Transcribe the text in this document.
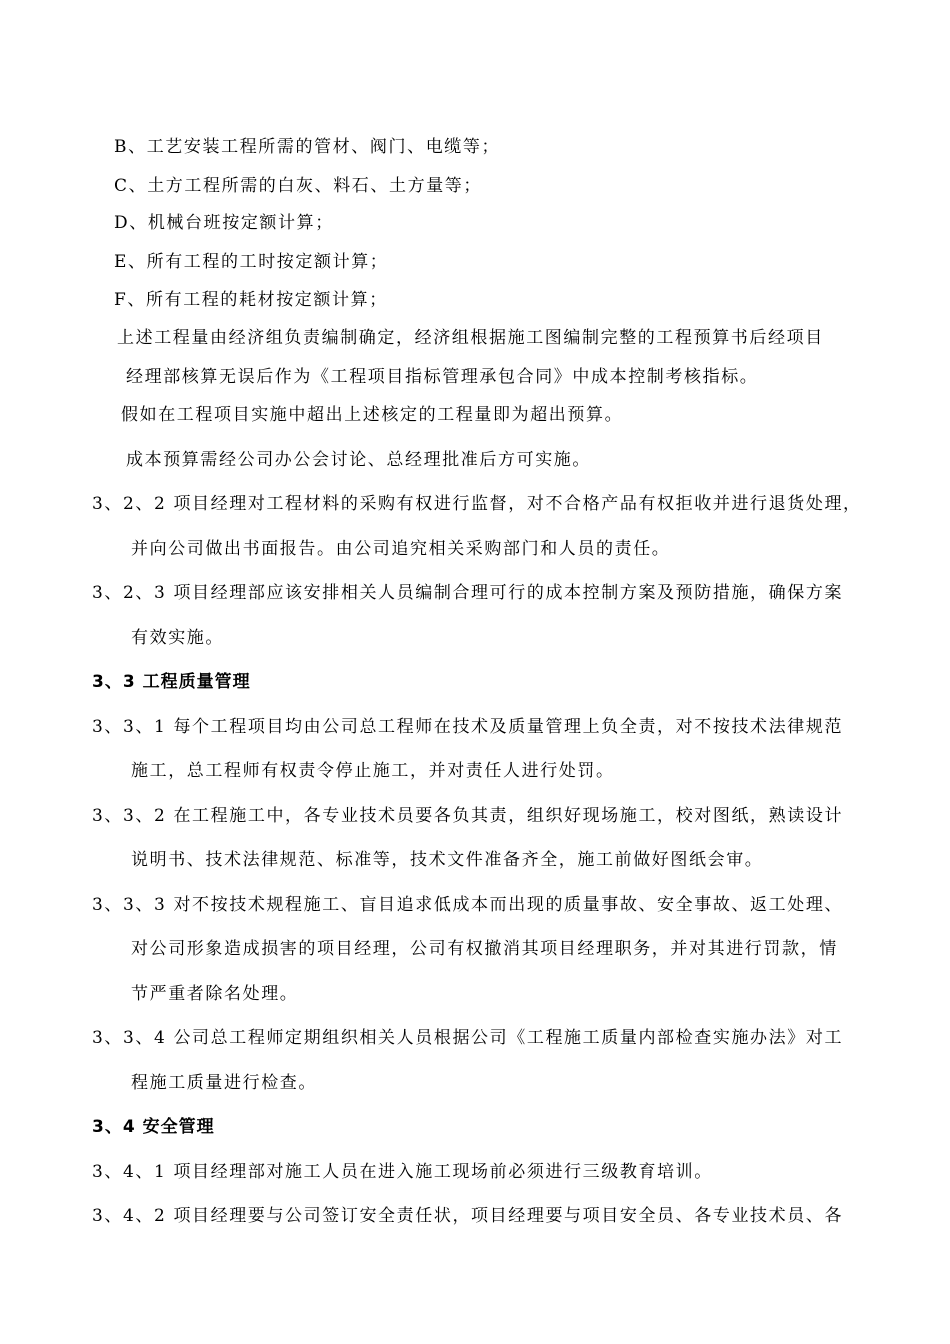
B、工艺安装工程所需的管材、阀门、电缆等；
C、土方工程所需的白灰、料石、土方量等；
D、机械台班按定额计算；
E、所有工程的工时按定额计算；
F、所有工程的耗材按定额计算；
上述工程量由经济组负责编制确定，经济组根据施工图编制完整的工程预算书后经项目
经理部核算无误后作为《工程项目指标管理承包合同》中成本控制考核指标。
假如在工程项目实施中超出上述核定的工程量即为超出预算。
成本预算需经公司办公会讨论、总经理批准后方可实施。
3、2、2 项目经理对工程材料的采购有权进行监督，对不合格产品有权拒收并进行退货处理，
并向公司做出书面报告。由公司追究相关采购部门和人员的责任。
3、2、3 项目经理部应该安排相关人员编制合理可行的成本控制方案及预防措施，确保方案
有效实施。
3、3 工程质量管理
3、3、1 每个工程项目均由公司总工程师在技术及质量管理上负全责，对不按技术法律规范
施工，总工程师有权责令停止施工，并对责任人进行处罚。
3、3、2 在工程施工中，各专业技术员要各负其责，组织好现场施工，校对图纸，熟读设计
说明书、技术法律规范、标准等，技术文件准备齐全，施工前做好图纸会审。
3、3、3 对不按技术规程施工、盲目追求低成本而出现的质量事故、安全事故、返工处理、
对公司形象造成损害的项目经理，公司有权撤消其项目经理职务，并对其进行罚款，情
节严重者除名处理。
3、3、4 公司总工程师定期组织相关人员根据公司《工程施工质量内部检查实施办法》对工
程施工质量进行检查。
3、4 安全管理
3、4、1 项目经理部对施工人员在进入施工现场前必须进行三级教育培训。
3、4、2 项目经理要与公司签订安全责任状，项目经理要与项目安全员、各专业技术员、各
